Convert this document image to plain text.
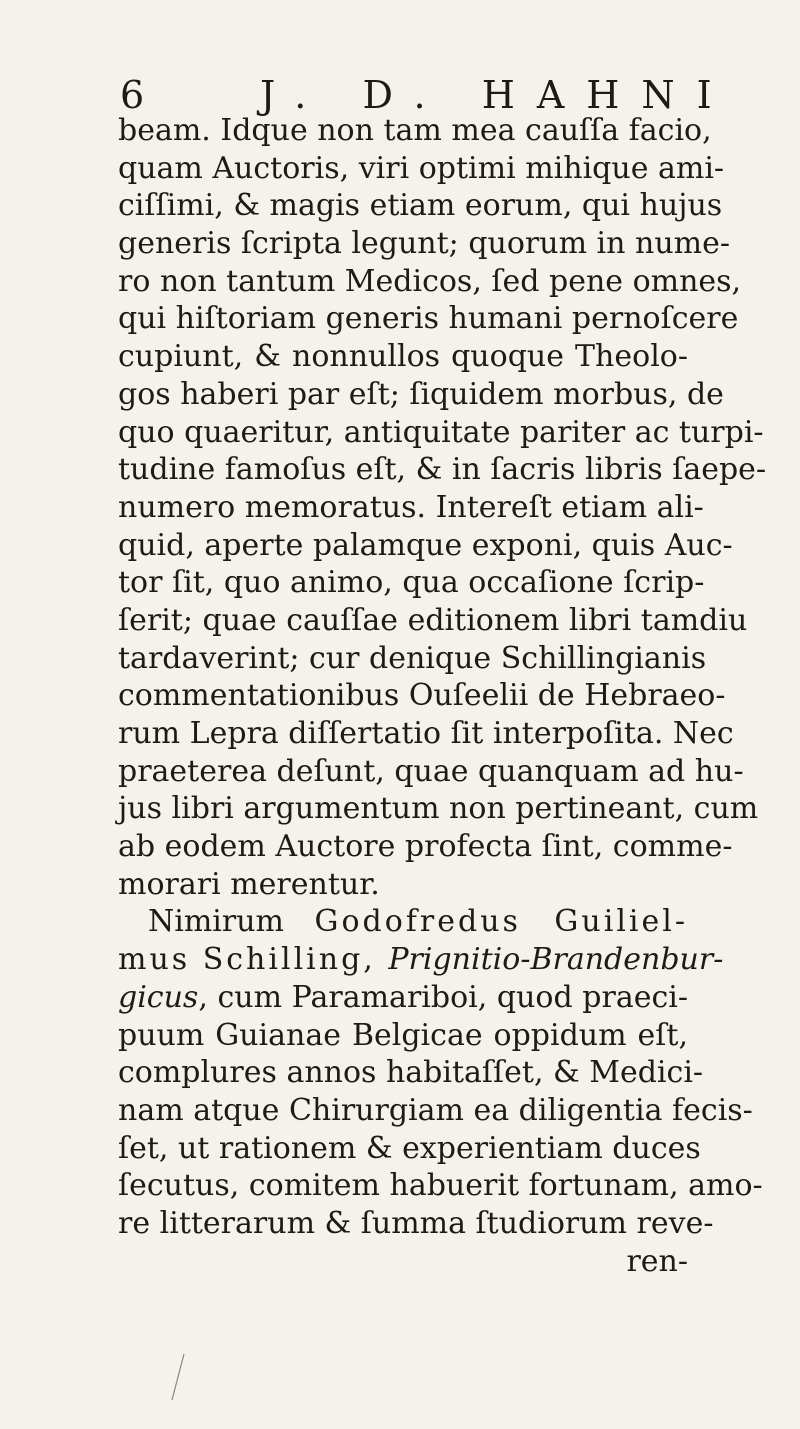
6	J. D. HAHNI
beam. Idque non tam mea cauſſa facio,
quam Auctoris, viri optimi mihique ami-
ciſſimi, & magis etiam eorum, qui hujus
generis ſcripta legunt; quorum in nume-
ro non tantum Medicos, ſed pene omnes,
qui hiſtoriam generis humani pernoſcere
cupiunt, & nonnullos quoque Theolo-
gos haberi par eſt; ſiquidem morbus, de
quo quaeritur, antiquitate pariter ac turpi-
tudine famoſus eſt, & in ſacris libris ſaepe-
numero memoratus. Intereſt etiam ali-
quid, aperte palamque exponi, quis Auc-
tor ſit, quo animo, qua occaſione ſcrip-
ſerit; quae cauſſae editionem libri tamdiu
tardaverint; cur denique Schillingianis
commentationibus Ouſeelii de Hebraeo-
rum Lepra diſſertatio ſit interpoſita. Nec
praeterea deſunt, quae quanquam ad hu-
jus libri argumentum non pertineant, cum
ab eodem Auctore profecta ſint, comme-
morari merentur.
Nimirum Godofredus Guiliel-
mus Schilling, Prignitio-Brandenbur-
gicus, cum Paramariboi, quod praeci-
puum Guianae Belgicae oppidum eſt,
complures annos habitaſſet, & Medici-
nam atque Chirurgiam ea diligentia fecis-
ſet, ut rationem & experientiam duces
ſecutus, comitem habuerit fortunam, amo-
re litterarum & ſumma ſtudiorum reve-
ren-
